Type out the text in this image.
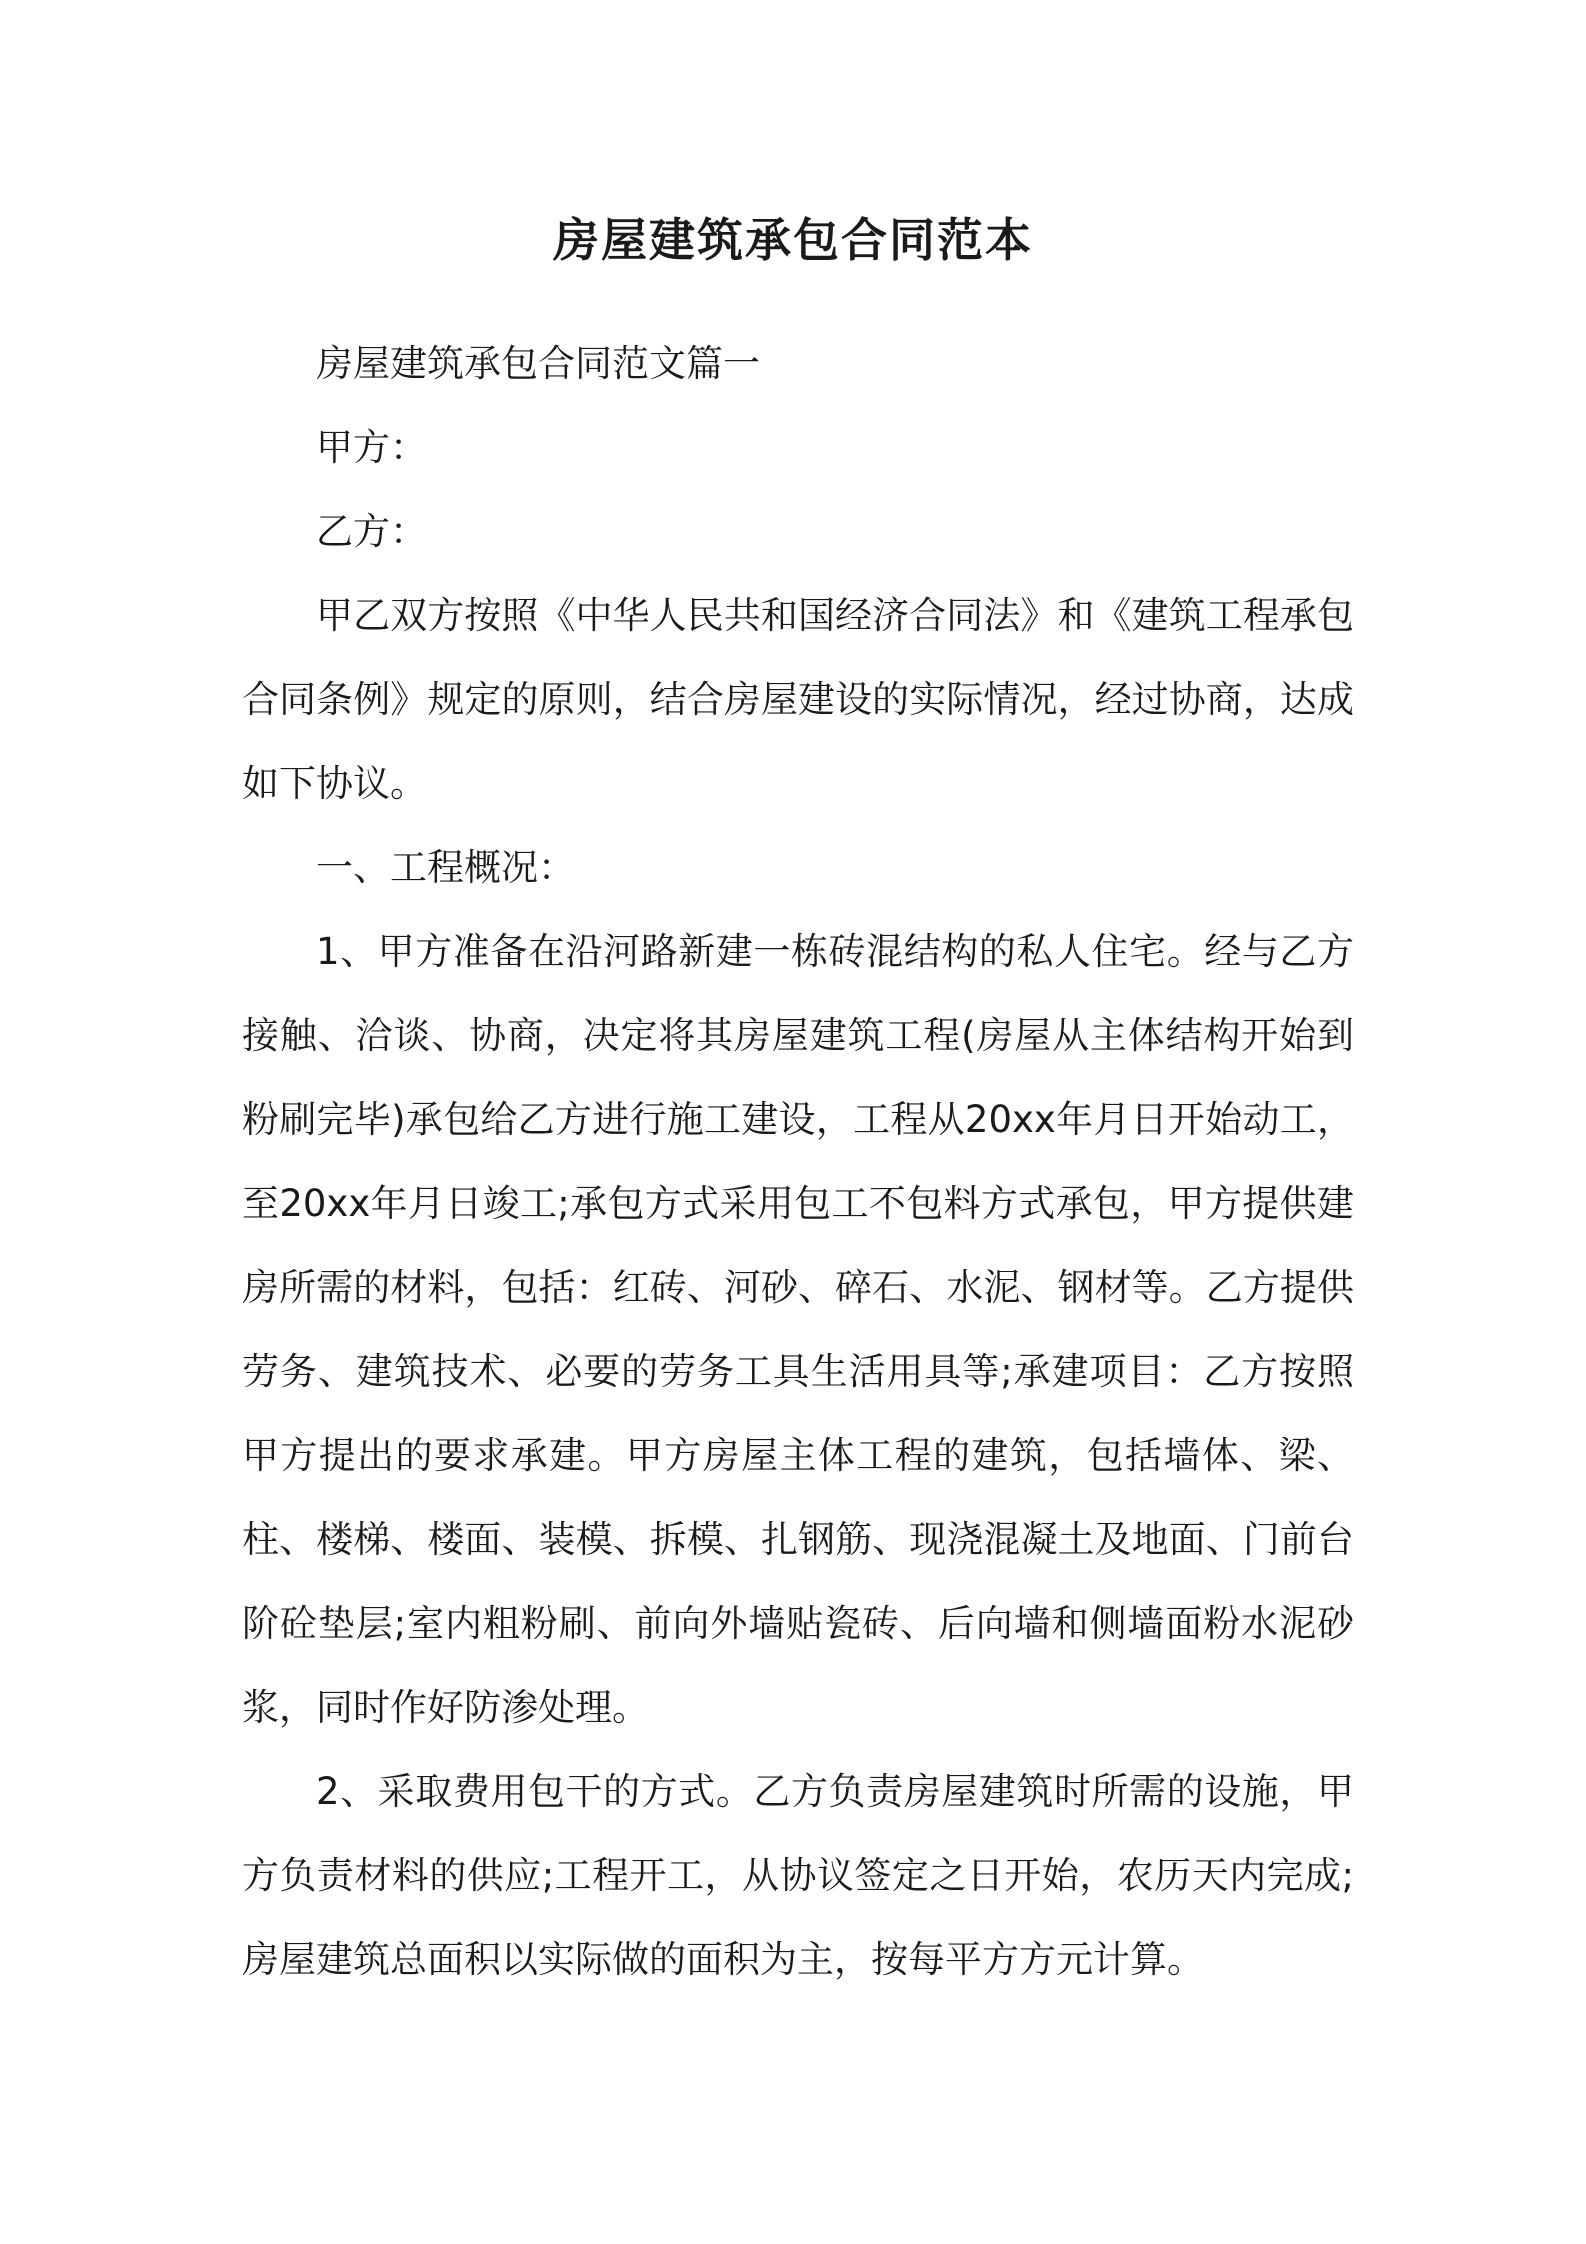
房屋建筑承包合同范本

房屋建筑承包合同范文篇一

甲方：

乙方：

甲乙双方按照《中华人民共和国经济合同法》和《建筑工程承包合同条例》规定的原则，结合房屋建设的实际情况，经过协商，达成如下协议。

一、工程概况：

1、甲方准备在沿河路新建一栋砖混结构的私人住宅。经与乙方接触、洽谈、协商，决定将其房屋建筑工程(房屋从主体结构开始到粉刷完毕)承包给乙方进行施工建设，工程从20xx年月日开始动工，至20xx年月日竣工;承包方式采用包工不包料方式承包，甲方提供建房所需的材料，包括：红砖、河砂、碎石、水泥、钢材等。乙方提供劳务、建筑技术、必要的劳务工具生活用具等;承建项目：乙方按照甲方提出的要求承建。甲方房屋主体工程的建筑，包括墙体、梁、柱、楼梯、楼面、装模、拆模、扎钢筋、现浇混凝土及地面、门前台阶砼垫层;室内粗粉刷、前向外墙贴瓷砖、后向墙和侧墙面粉水泥砂浆，同时作好防渗处理。

2、采取费用包干的方式。乙方负责房屋建筑时所需的设施，甲方负责材料的供应;工程开工，从协议签定之日开始，农历天内完成;房屋建筑总面积以实际做的面积为主，按每平方方元计算。
